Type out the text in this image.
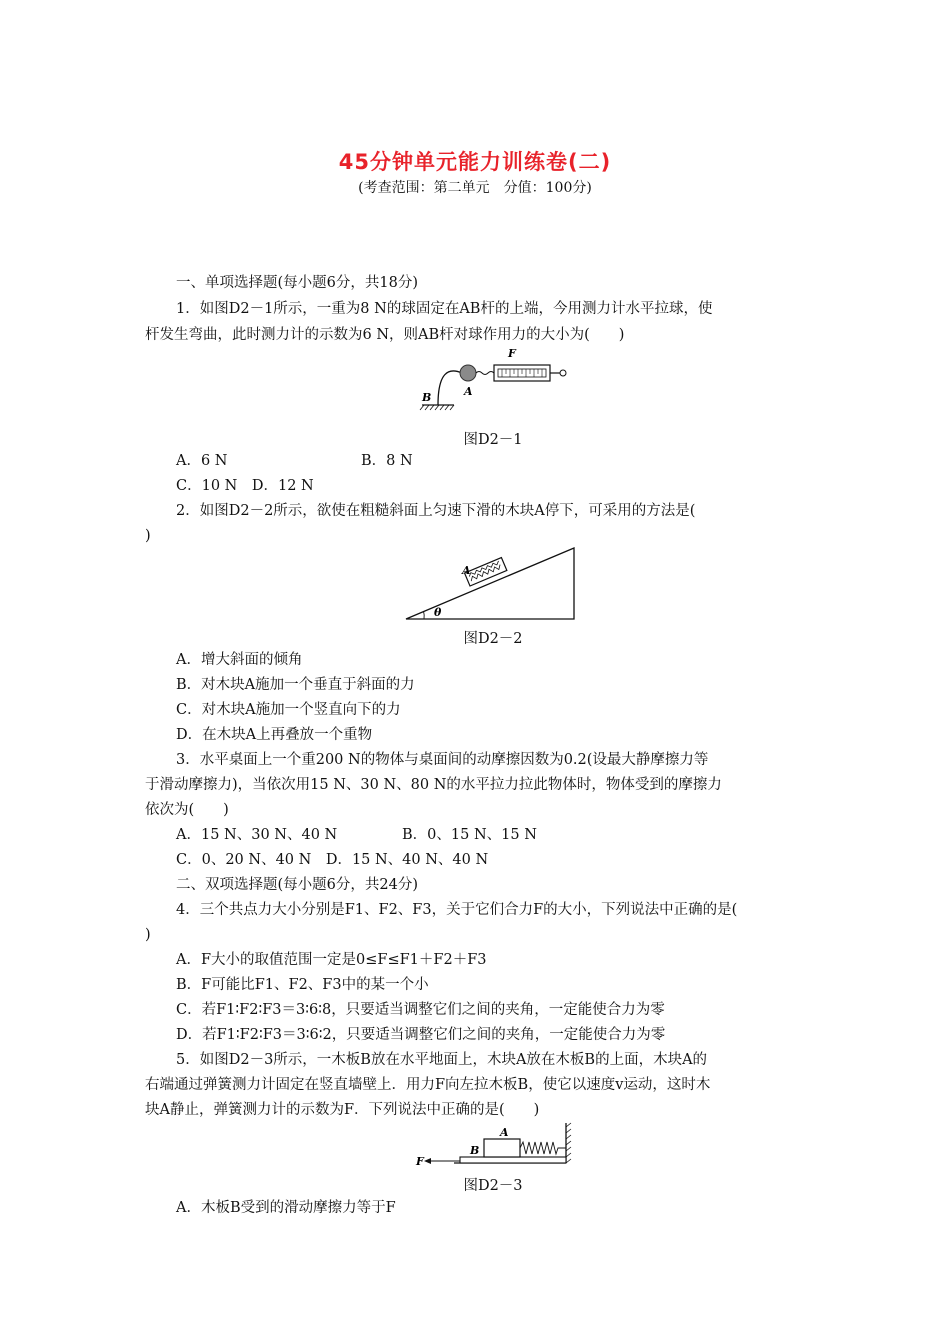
45分钟单元能力训练卷(二)
(考查范围：第二单元　分值：100分)
一、单项选择题(每小题6分，共18分)
1．如图D2－1所示，一重为8 N的球固定在AB杆的上端，今用测力计水平拉球，使
杆发生弯曲，此时测力计的示数为6 N，则AB杆对球作用力的大小为(　　)
F
A
B
图D2－1
A．6 N	B．8 N
C．10 N　D．12 N
2．如图D2－2所示，欲使在粗糙斜面上匀速下滑的木块A停下，可采用的方法是(
)
A
θ
图D2－2
A．增大斜面的倾角
B．对木块A施加一个垂直于斜面的力
C．对木块A施加一个竖直向下的力
D．在木块A上再叠放一个重物
3．水平桌面上一个重200 N的物体与桌面间的动摩擦因数为0.2(设最大静摩擦力等
于滑动摩擦力)，当依次用15 N、30 N、80 N的水平拉力拉此物体时，物体受到的摩擦力
依次为(　　)
A．15 N、30 N、40 N	B．0、15 N、15 N
C．0、20 N、40 N　D．15 N、40 N、40 N
二、双项选择题(每小题6分，共24分)
4．三个共点力大小分别是F1、F2、F3，关于它们合力F的大小，下列说法中正确的是(
)
A．F大小的取值范围一定是0≤F≤F1＋F2＋F3
B．F可能比F1、F2、F3中的某一个小
C．若F1∶F2∶F3＝3∶6∶8，只要适当调整它们之间的夹角，一定能使合力为零
D．若F1∶F2∶F3＝3∶6∶2，只要适当调整它们之间的夹角，一定能使合力为零
5．如图D2－3所示，一木板B放在水平地面上，木块A放在木板B的上面，木块A的
右端通过弹簧测力计固定在竖直墙壁上．用力F向左拉木板B，使它以速度v运动，这时木
块A静止，弹簧测力计的示数为F．下列说法中正确的是(　　)
A
B
F
图D2－3
A．木板B受到的滑动摩擦力等于F
